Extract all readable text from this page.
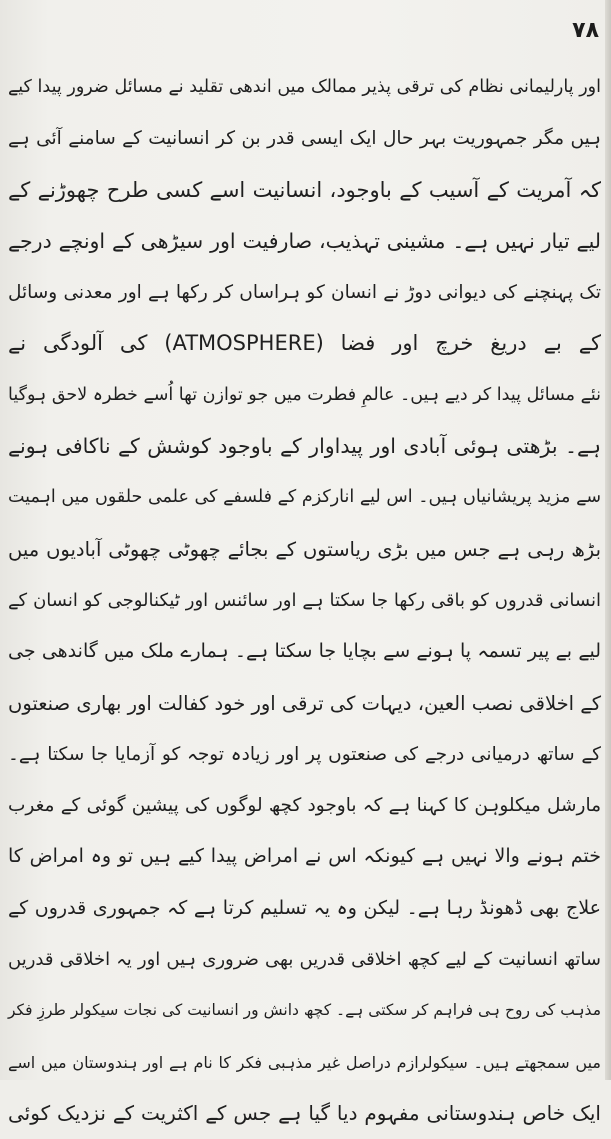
۷۸
اور پارلیمانی نظام کی ترقی پذیر ممالک میں اندھی تقلید نے مسائل ضرور پیدا کیے
ہیں مگر جمہوریت بہر حال ایک ایسی قدر بن کر انسانیت کے سامنے آئی ہے
کہ آمریت کے آسیب کے باوجود، انسانیت اسے کسی طرح چھوڑنے کے
لیے تیار نہیں ہے۔ مشینی تہذیب، صارفیت اور سیڑھی کے اونچے درجے
تک پہنچنے کی دیوانی دوڑ نے انسان کو ہراساں کر رکھا ہے اور معدنی وسائل
کے بے دریغ خرچ اور فضا (ATMOSPHERE) کی آلودگی نے
نئے مسائل پیدا کر دیے ہیں۔ عالمِ فطرت میں جو توازن تھا اُسے خطرہ لاحق ہوگیا
ہے۔ بڑھتی ہوئی آبادی اور پیداوار کے باوجود کوشش کے ناکافی ہونے
سے مزید پریشانیاں ہیں۔ اس لیے انارکزم کے فلسفے کی علمی حلقوں میں اہمیت
بڑھ رہی ہے جس میں بڑی ریاستوں کے بجائے چھوٹی چھوٹی آبادیوں میں
انسانی قدروں کو باقی رکھا جا سکتا ہے اور سائنس اور ٹیکنالوجی کو انسان کے
لیے بے پیر تسمہ پا ہونے سے بچایا جا سکتا ہے۔ ہمارے ملک میں گاندھی جی
کے اخلاقی نصب العین، دیہات کی ترقی اور خود کفالت اور بھاری صنعتوں
کے ساتھ درمیانی درجے کی صنعتوں پر اور زیادہ توجہ کو آزمایا جا سکتا ہے۔
مارشل میکلوہن کا کہنا ہے کہ باوجود کچھ لوگوں کی پیشین گوئی کے مغرب
ختم ہونے والا نہیں ہے کیونکہ اس نے امراض پیدا کیے ہیں تو وہ امراض کا
علاج بھی ڈھونڈ رہا ہے۔ لیکن وہ یہ تسلیم کرتا ہے کہ جمہوری قدروں کے
ساتھ انسانیت کے لیے کچھ اخلاقی قدریں بھی ضروری ہیں اور یہ اخلاقی قدریں
مذہب کی روح ہی فراہم کر سکتی ہے۔ کچھ دانش ور انسانیت کی نجات سیکولر طرزِ فکر
میں سمجھتے ہیں۔ سیکولرازم دراصل غیر مذہبی فکر کا نام ہے اور ہندوستان میں اسے
ایک خاص ہندوستانی مفہوم دیا گیا ہے جس کے اکثریت کے نزدیک کوئی
